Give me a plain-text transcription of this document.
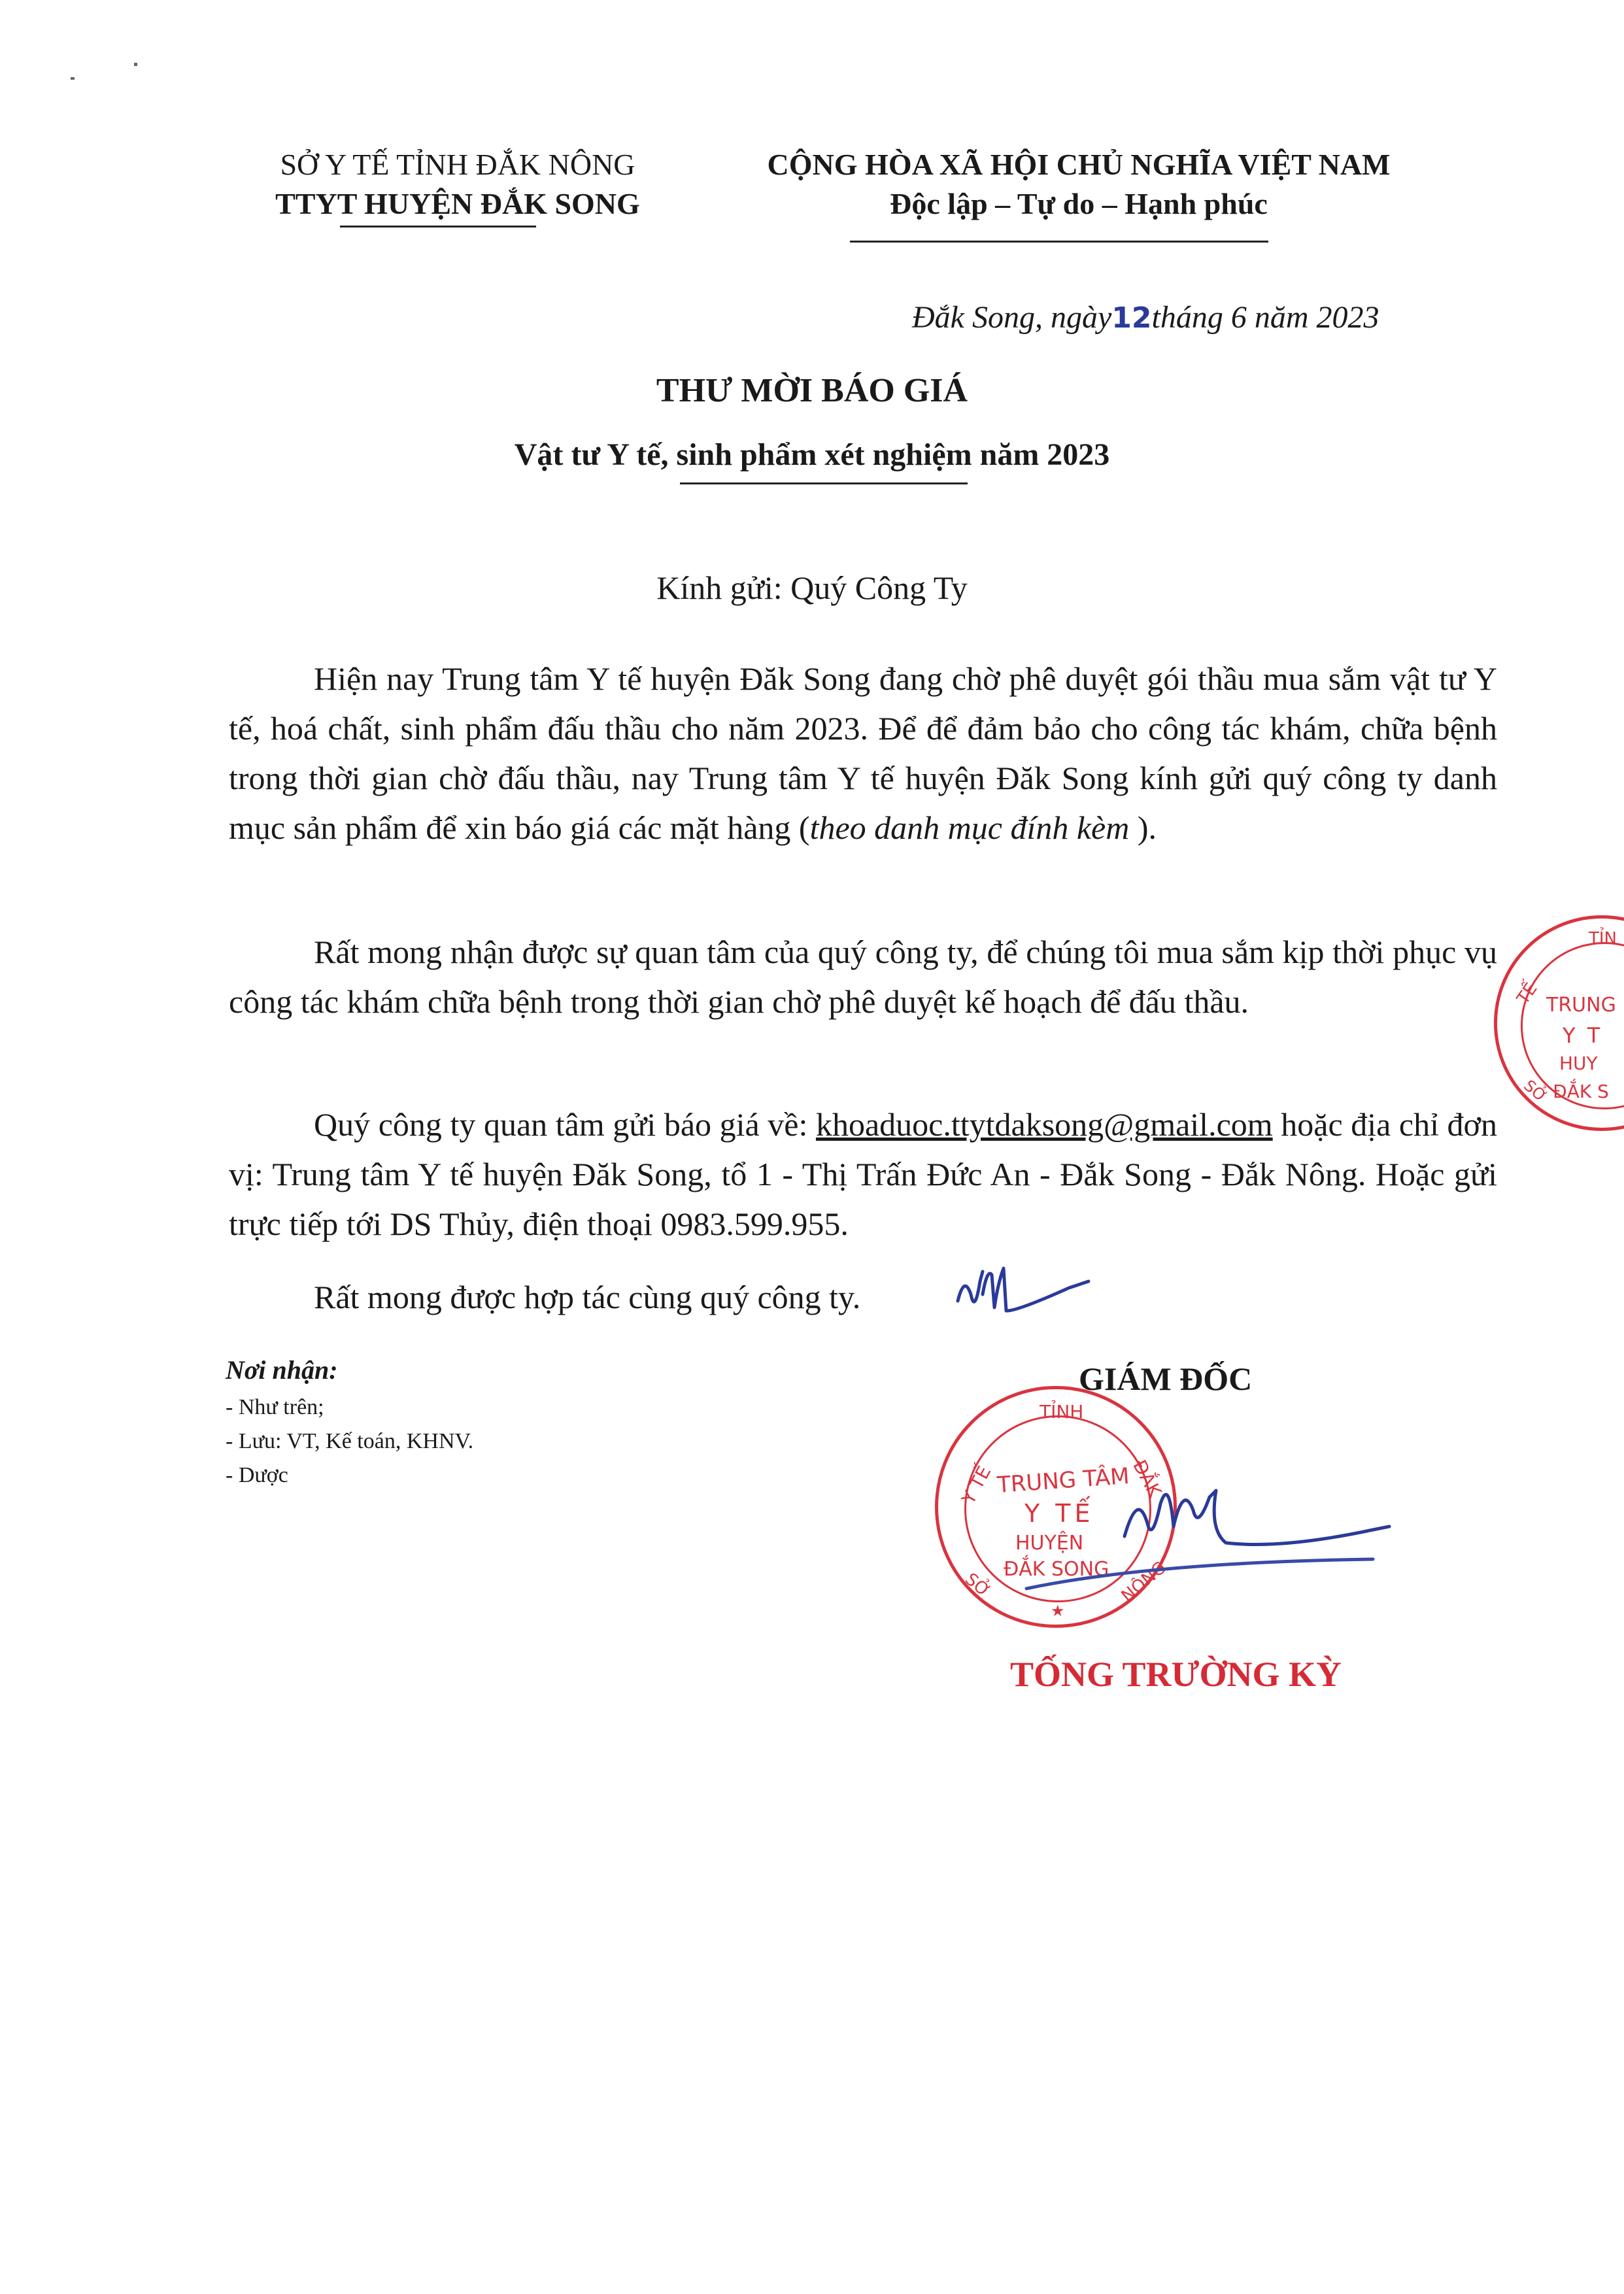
SỞ Y TẾ TỈNH ĐẮK NÔNG
TTYT HUYỆN ĐẮK SONG
CỘNG HÒA XÃ HỘI CHỦ NGHĨA VIỆT NAM
Độc lập – Tự do – Hạnh phúc
Đắk Song, ngày12tháng 6 năm 2023
THƯ MỜI BÁO GIÁ
Vật tư Y tế, sinh phẩm xét nghiệm năm 2023
Kính gửi: Quý Công Ty
Hiện nay Trung tâm Y tế huyện Đăk Song đang chờ phê duyệt gói thầu mua sắm vật tư Y tế, hoá chất, sinh phẩm đấu thầu cho năm 2023. Để để đảm bảo cho công tác khám, chữa bệnh trong thời gian chờ đấu thầu, nay Trung tâm Y tế huyện Đăk Song kính gửi quý công ty danh mục sản phẩm để xin báo giá các mặt hàng (theo danh mục đính kèm ).
Rất mong nhận được sự quan tâm của quý công ty, để chúng tôi mua sắm kịp thời phục vụ công tác khám chữa bệnh trong thời gian chờ phê duyệt kế hoạch để đấu thầu.
Quý công ty quan tâm gửi báo giá về: khoaduoc.ttytdaksong@gmail.com hoặc địa chỉ đơn vị: Trung tâm Y tế huyện Đăk Song, tổ 1 - Thị Trấn Đức An - Đắk Song - Đắk Nông. Hoặc gửi trực tiếp tới DS Thủy, điện thoại 0983.599.955.
Rất mong được hợp tác cùng quý công ty.
Nơi nhận:
- Như trên;
- Lưu: VT, Kế toán, KHNV.
- Dược
GIÁM ĐỐC
TỈNH
Y TẾ	ĐẮK
TRUNG TÂM
Y TẾ
HUYỆN
ĐẮK SONG
SỞ	NÔNG
★
TỐNG TRƯỜNG KỲ
TỈN
TẾ TRUNG
Y T
HUY
ĐẮK S
SỞ
